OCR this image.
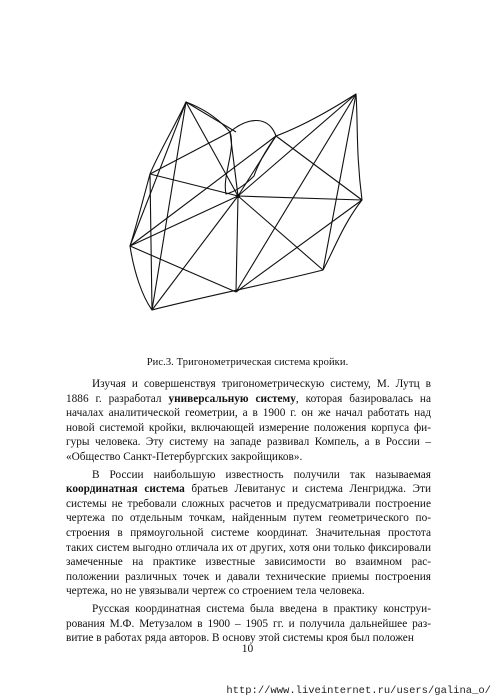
Рис.3. Тригонометрическая система кройки.

Изучая и совершенствуя тригонометрическую систему, М. Лутц в 1886 г. разработал универсальную систему, которая базировалась на началах аналитической геометрии, а в 1900 г. он же начал работать над новой системой кройки, включающей измерение положения корпуса фигуры человека. Эту систему на западе развивал Компель, а в России – «Общество Санкт-Петербургских закройщиков».

В России наибольшую известность получили так называемая координатная система братьев Левитанус и система Ленгриджа. Эти системы не требовали сложных расчетов и предусматривали построение чертежа по отдельным точкам, найденным путем геометрического построения в прямоугольной системе координат. Значительная простота таких систем выгодно отличала их от других, хотя они только фиксировали замеченные на практике известные зависимости во взаимном расположении различных точек и давали технические приемы построения чертежа, но не увязывали чертеж со строением тела человека.

Русская координатная система была введена в практику конструирования М.Ф. Метузалом в 1900 – 1905 гг. и получила дальнейшее развитие в работах ряда авторов. В основу этой системы кроя был положен

10
http://www.liveinternet.ru/users/galina_o/
